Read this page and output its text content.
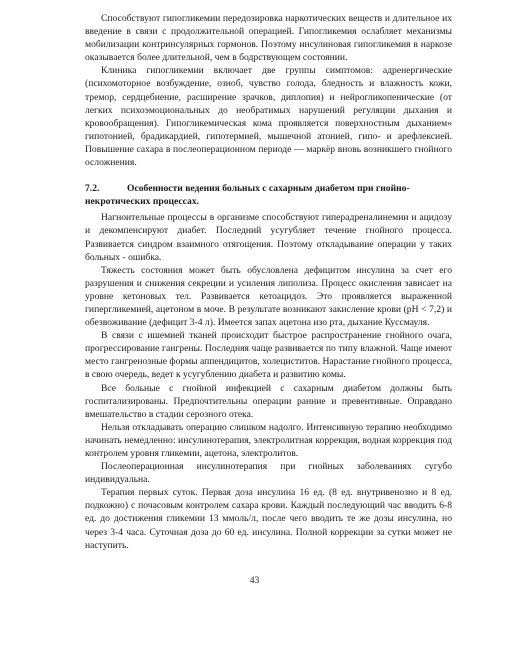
Способствуют гипогликемии передозировка наркотических веществ и длительное их введение в связи с продолжительной операцией. Гипогликемия ослабляет механизмы мобилизации контринсулярных гормонов. Поэтому инсулиновая гипогликемия в наркозе оказывается более длительной, чем в бодрствующем состоянии.

Клиника гипогликемии включает две группы симптомов: адренергические (психомоторное возбуждение, озноб, чувство голода, бледность и влажность кожи, тремор, сердцебиение, расширение зрачков, диплопия) и нейрогликопенические (от легких психоэмоциональных до необратимых нарушений регуляции дыхания и кровообращения). Гипогликемическая кома проявляется поверхностным дыханием» гипотонией, брадикардией, гипотермией, мышечной атонией, гипо- и арефлексией. Повышение сахара в послеоперационном периоде — маркёр вновь возникшего гнойного осложнения.

7.2.	Особенности ведения больных с сахарным диабетом при гнойно-некротических процессах.

Нагноительные процессы в организме способствуют гиперадреналинемии и ацидозу и декомпенсируют диабет. Последний усугубляет течение гнойного процесса. Развивается синдром взаимного отягощения. Поэтому откладывание операции у таких больных - ошибка.

Тяжесть состояния может быть обусловлена дефицитом инсулина за счет его разрушения и снижения секреции и усиления липолиза. Процесс окисления зависает на уровне кетоновых тел. Развивается кетоацидоз. Это проявляется выраженной гипергликемией, ацетоном в моче. В результате возникают закисление крови (рН < 7,2) и обезвоживание (дефицит 3-4 л). Имеется запах ацетона изо рта, дыхание Куссмауля.

В связи с ишемией тканей происходит быстрое распространение гнойного очага, прогрессирование гангрены. Последняя чаще развивается по типу влажной. Чаще имеют место гангренозные формы аппендицитов, холециститов. Нарастание гнойного процесса, в свою очередь, ведет к усугублению диабета и развитию комы.

Все больные с гнойной инфекцией с сахарным диабетом должны быть госпитализированы. Предпочтительны операции ранние и превентивные. Оправдано вмешательство в стадии серозного отека.

Нельзя откладывать операцию слишком надолго. Интенсивную терапию необходимо начинать немедленно: инсулинотерапия, электролитная коррекция, водная коррекция под контролем уровня гликемии, ацетона, электролитов.

Послеоперационная инсулинотерапия при гнойных заболеваниях сугубо индивидуальна.

Терапия первых суток. Первая доза инсулина 16 ед. (8 ед. внутривенозно и 8 ед. подкожно) с почасовым контролем сахара крови. Каждый последующий час вводить 6-8 ед. до достижения гликемии 13 ммоль/л, после чего вводить те же дозы инсулина, но через 3-4 часа. Суточная доза до 60 ед. инсулина. Полной коррекции за сутки может не наступить.

43
